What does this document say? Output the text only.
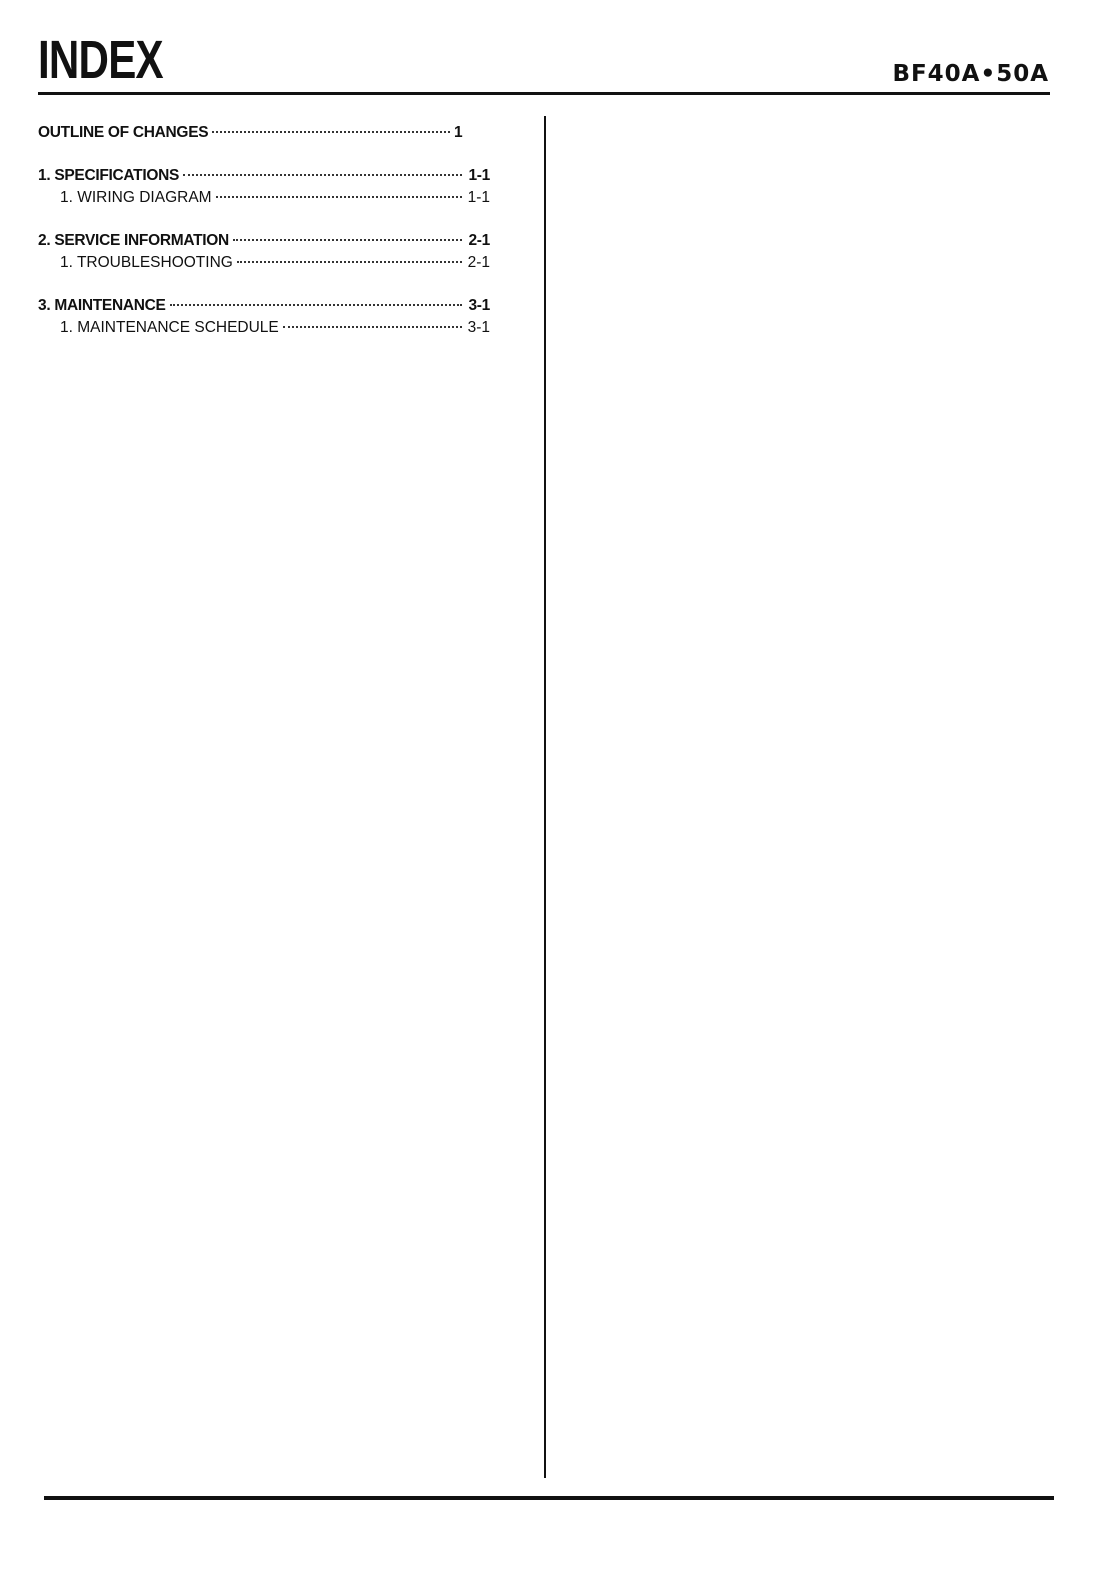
INDEX	BF40A•50A
OUTLINE OF CHANGES	1
1. SPECIFICATIONS	1-1
1. WIRING DIAGRAM	1-1
2. SERVICE INFORMATION	2-1
1. TROUBLESHOOTING	2-1
3. MAINTENANCE	3-1
1. MAINTENANCE SCHEDULE	3-1
